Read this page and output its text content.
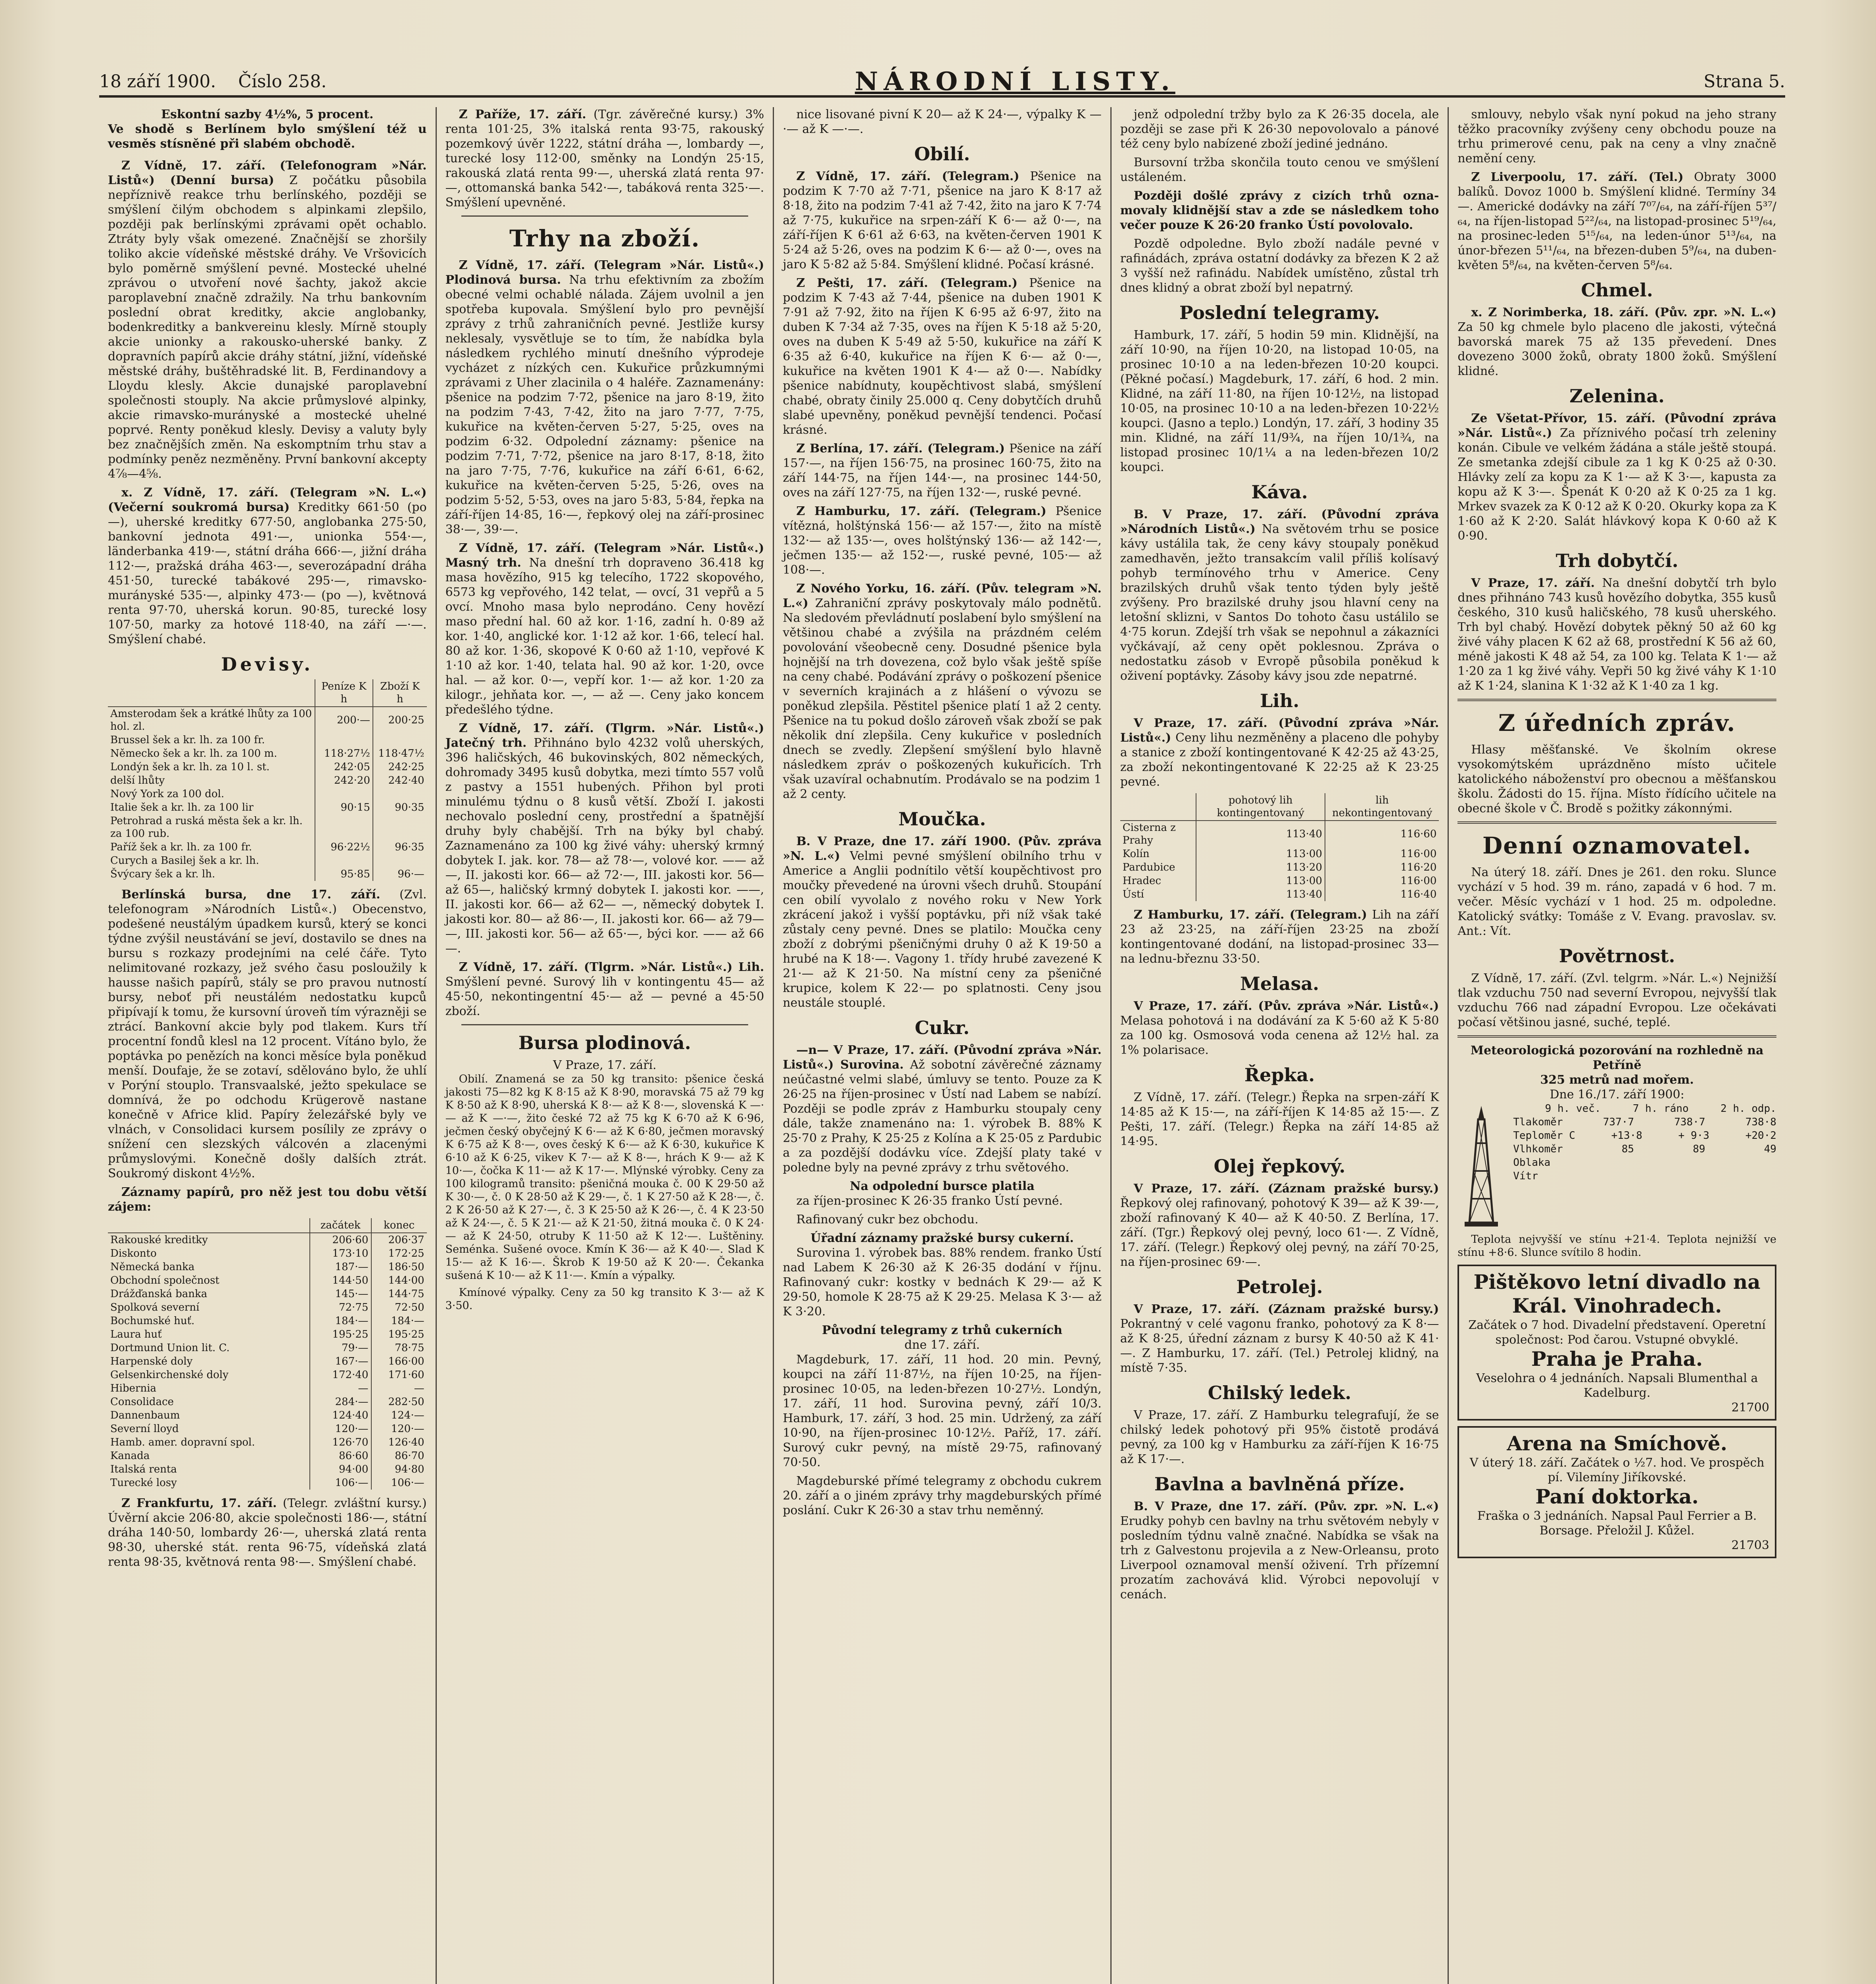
18 září 1900. Číslo 258.	NÁRODNÍ LISTY.	Strana 5.
Eskontní sazby 4½%, 5 procent.
Ve shodě s Berlínem bylo smýšlení též u vesměs stísněné při slabém obchodě.
Z Vídně, 17. září. (Telefonogram »Nár. Listů«) (Denní bursa) Z počátku působila nepříznivě reakce trhu berlínského, později se smýšlení čilým obchodem s alpinkami zlepšilo, později pak berlínskými zprávami opět ochablo. Ztráty byly však omezené. Značnější se zhoršily toliko akcie vídeňské městské dráhy. Ve Vršovicích bylo poměrně smýšlení pevné. Mostecké uhelné zprávou o utvoření nové šachty, jakož akcie paroplavební značně zdražily. Na trhu bankovním poslední obrat kreditky, akcie anglobanky, bodenkreditky a bankvereinu klesly. Mírně stouply akcie unionky a rakousko-uherské banky. Z dopravních papírů akcie dráhy státní, jižní, vídeňské městské dráhy, buštěhradské lit. B, Ferdinandovy a Lloydu klesly. Akcie dunajské paroplavební společnosti stouply. Na akcie průmyslové alpinky, akcie rimavsko-murányské a mostecké uhelné poprvé. Renty poněkud klesly. Devisy a valuty byly bez značnějších změn. Na eskomptním trhu stav a podmínky peněz nezměněny. První bankovní akcepty 4⅞—4⅝.
x. Z Vídně, 17. září. (Telegram »N. L.«) (Večerní soukromá bursa) Kreditky 661·50 (po —), uherské kreditky 677·50, anglobanka 275·50, bankovní jednota 491·—, unionka 554·—, länderbanka 419·—, státní dráha 666·—, jižní dráha 112·—, pražská dráha 463·—, severozápadní dráha 451·50, turecké tabákové 295·—, rimavsko-murányské 535·—, alpinky 473·— (po —), květnová renta 97·70, uherská korun. 90·85, turecké losy 107·50, marky za hotové 118·40, na září —·—. Smýšlení chabé.
Devisy.
	Peníze K h	Zboží K h
Amsterodam šek a krátké lhůty za 100 hol. zl.	200·—	200·25
Brussel šek a kr. lh. za 100 fr.		
Německo šek a kr. lh. za 100 m.	118·27½	118·47½
Londýn šek a kr. lh. za 10 l. st.	242·05	242·25
delší lhůty	242·20	242·40
Nový York za 100 dol.		
Italie šek a kr. lh. za 100 lir	90·15	90·35
Petrohrad a ruská města šek a kr. lh. za 100 rub.		
Paříž šek a kr. lh. za 100 fr.	96·22½	96·35
Curych a Basilej šek a kr. lh.		
Švýcary šek a kr. lh.	95·85	96·—
Berlínská bursa, dne 17. září. (Zvl. telefonogram »Národních Listů«.) Obecenstvo, podešené neustálým úpadkem kursů, který se konci týdne zvýšil neustávání se jeví, dostavilo se dnes na bursu s rozkazy prodejními na celé čáře. Tyto nelimitované rozkazy, jež svého času posloužily k hausse našich papírů, stály se pro pravou nutností bursy, neboť při neustálém nedostatku kupců připívají k tomu, že kursovní úroveň tím výrazněji se ztrácí. Bankovní akcie byly pod tlakem. Kurs tří procentní fondů klesl na 12 procent. Vítáno bylo, že poptávka po penězích na konci měsíce byla poněkud menší. Doufaje, že se zotaví, sdělováno bylo, že uhlí v Porýní stouplo. Transvaalské, ježto spekulace se domnívá, že po odchodu Krügerově nastane konečně v Africe klid. Papíry železářské byly ve vlnách, v Consolidaci kursem posílily ze zprávy o snížení cen slezských válcovén a zlacenými průmyslovými. Konečně došly dalších ztrát. Soukromý diskont 4½%.
Záznamy papírů, pro něž jest tou dobu větší zájem:
	začátek	konec
Rakouské kreditky	206·60	206·37
Diskonto	173·10	172·25
Německá banka	187·—	186·50
Obchodní společnost	144·50	144·00
Drážďanská banka	145·—	144·75
Spolková severní	72·75	72·50
Bochumské huť.	184·—	184·—
Laura huť	195·25	195·25
Dortmund Union lit. C.	79·—	78·75
Harpenské doly	167·—	166·00
Gelsenkirchenské doly	172·40	171·60
Hibernia	—	—
Consolidace	284·—	282·50
Dannenbaum	124·40	124·—
Severní lloyd	120·—	120·—
Hamb. amer. dopravní spol.	126·70	126·40
Kanada	86·60	86·70
Italská renta	94·00	94·80
Turecké losy	106·—	106·—
Z Frankfurtu, 17. září. (Telegr. zvláštní kursy.) Úvěrní akcie 206·80, akcie společnosti 186·—, státní dráha 140·50, lombardy 26·—, uherská zlatá renta 98·30, uherské stát. renta 96·75, vídeňská zlatá renta 98·35, květnová renta 98·—. Smýšlení chabé.
Z Paříže, 17. září. (Tgr. závěrečné kursy.) 3% renta 101·25, 3% italská renta 93·75, rakouský pozemkový úvěr 1222, státní dráha —, lombardy —, turecké losy 112·00, směnky na Londýn 25·15, rakouská zlatá renta 99·—, uherská zlatá renta 97·—, ottomanská banka 542·—, tabáková renta 325·—. Smýšlení upevněné.
Trhy na zboží.
Z Vídně, 17. září. (Telegram »Nár. Listů«.) Plodinová bursa. Na trhu efektivním za zbožím obecné velmi ochablé nálada. Zájem uvolnil a jen spotřeba kupovala. Smýšlení bylo pro pevnější zprávy z trhů zahraničních pevné. Jestliže kursy neklesaly, vysvětluje se to tím, že nabídka byla následkem rychlého minutí dnešního výprodeje vycházet z nízkých cen. Kukuřice průzkumnými zprávami z Uher zlacinila o 4 haléře. Zaznamenány: pšenice na podzim 7·72, pšenice na jaro 8·19, žito na podzim 7·43, 7·42, žito na jaro 7·77, 7·75, kukuřice na květen-červen 5·27, 5·25, oves na podzim 6·32. Odpolední záznamy: pšenice na podzim 7·71, 7·72, pšenice na jaro 8·17, 8·18, žito na jaro 7·75, 7·76, kukuřice na září 6·61, 6·62, kukuřice na květen-červen 5·25, 5·26, oves na podzim 5·52, 5·53, oves na jaro 5·83, 5·84, řepka na září-říjen 14·85, 16·—, řepkový olej na září-prosinec 38·—, 39·—.
Z Vídně, 17. září. (Telegram »Nár. Listů«.) Masný trh. Na dnešní trh dopraveno 36.418 kg masa hovězího, 915 kg telecího, 1722 skopového, 6573 kg vepřového, 142 telat, — ovcí, 31 vepřů a 5 ovcí. Mnoho masa bylo neprodáno. Ceny hovězí maso přední hal. 60 až kor. 1·16, zadní h. 0·89 až kor. 1·40, anglické kor. 1·12 až kor. 1·66, telecí hal. 80 až kor. 1·36, skopové K 0·60 až 1·10, vepřové K 1·10 až kor. 1·40, telata hal. 90 až kor. 1·20, ovce hal. — až kor. 0·—, vepří kor. 1·— až kor. 1·20 za kilogr., jehňata kor. —, — až —. Ceny jako koncem předešlého týdne.
Z Vídně, 17. září. (Tlgrm. »Nár. Listů«.) Jatečný trh. Přihnáno bylo 4232 volů uherských, 396 haličských, 46 bukovinských, 802 německých, dohromady 3495 kusů dobytka, mezi tímto 557 volů z pastvy a 1551 hubených. Přihon byl proti minulému týdnu o 8 kusů větší. Zboží I. jakosti nechovalo poslední ceny, prostřední a špatnější druhy byly chabější. Trh na býky byl chabý. Zaznamenáno za 100 kg živé váhy: uherský krmný dobytek I. jak. kor. 78— až 78·—, volové kor. —— až —, II. jakosti kor. 66— až 72·—, III. jakosti kor. 56— až 65—, haličský krmný dobytek I. jakosti kor. ——, II. jakosti kor. 66— až 62— —, německý dobytek I. jakosti kor. 80— až 86·—, II. jakosti kor. 66— až 79— —, III. jakosti kor. 56— až 65·—, býci kor. —— až 66—.
Z Vídně, 17. září. (Tlgrm. »Nár. Listů«.) Lih. Smýšlení pevné. Surový lih v kontingentu 45— až 45·50, nekontingentní 45·— až — pevné a 45·50 zboží.
Bursa plodinová.
V Praze, 17. září.
Obilí. Znamená se za 50 kg transito: pšenice česká jakosti 75—82 kg K 8·15 až K 8·90, moravská 75 až 79 kg K 8·50 až K 8·90, uherská K 8·— až K 8·—, slovenská K —·— až K —·—, žito české 72 až 75 kg K 6·70 až K 6·96, ječmen český obyčejný K 6·— až K 6·80, ječmen moravský K 6·75 až K 8·—, oves český K 6·— až K 6·30, kukuřice K 6·10 až K 6·25, vikev K 7·— až K 8·—, hrách K 9·— až K 10·—, čočka K 11·— až K 17·—. Mlýnské výrobky. Ceny za 100 kilogramů transito: pšeničná mouka č. 00 K 29·50 až K 30·—, č. 0 K 28·50 až K 29·—, č. 1 K 27·50 až K 28·—, č. 2 K 26·50 až K 27·—, č. 3 K 25·50 až K 26·—, č. 4 K 23·50 až K 24·—, č. 5 K 21·— až K 21·50, žitná mouka č. 0 K 24·— až K 24·50, otruby K 11·50 až K 12·—. Luštěniny. Seménka. Sušené ovoce. Kmín K 36·— až K 40·—. Slad K 15·— až K 16·—. Škrob K 19·50 až K 20·—. Čekanka sušená K 10·— až K 11·—. Kmín a výpalky.
Kmínové výpalky. Ceny za 50 kg transito K 3·— až K 3·50.
nice lisované pivní K 20— až K 24·—, výpalky K —·— až K —·—.
Obilí.
Z Vídně, 17. září. (Telegram.) Pšenice na podzim K 7·70 až 7·71, pšenice na jaro K 8·17 až 8·18, žito na podzim 7·41 až 7·42, žito na jaro K 7·74 až 7·75, kukuřice na srpen-září K 6·— až 0·—, na září-říjen K 6·61 až 6·63, na květen-červen 1901 K 5·24 až 5·26, oves na podzim K 6·— až 0·—, oves na jaro K 5·82 až 5·84. Smýšlení klidné. Počasí krásné.
Z Pešti, 17. září. (Telegram.) Pšenice na podzim K 7·43 až 7·44, pšenice na duben 1901 K 7·91 až 7·92, žito na říjen K 6·95 až 6·97, žito na duben K 7·34 až 7·35, oves na říjen K 5·18 až 5·20, oves na duben K 5·49 až 5·50, kukuřice na září K 6·35 až 6·40, kukuřice na říjen K 6·— až 0·—, kukuřice na květen 1901 K 4·— až 0·—. Nabídky pšenice nabídnuty, koupěchtivost slabá, smýšlení chabé, obraty činily 25.000 q. Ceny dobytčích druhů slabé upevněny, poněkud pevnější tendenci. Počasí krásné.
Z Berlína, 17. září. (Telegram.) Pšenice na září 157·—, na říjen 156·75, na prosinec 160·75, žito na září 144·75, na říjen 144·—, na prosinec 144·50, oves na září 127·75, na říjen 132·—, ruské pevné.
Z Hamburku, 17. září. (Telegram.) Pšenice vítězná, holštýnská 156·— až 157·—, žito na místě 132·— až 135·—, oves holštýnský 136·— až 142·—, ječmen 135·— až 152·—, ruské pevné, 105·— až 108·—.
Z Nového Yorku, 16. září. (Pův. telegram »N. L.«) Zahraniční zprávy poskytovaly málo podnětů. Na sledovém převládnutí poslabení bylo smýšlení na většinou chabé a zvýšila na prázdném celém povolování všeobecně ceny. Dosudné pšenice byla hojnější na trh dovezena, což bylo však ještě spíše na ceny chabé. Podávání zprávy o poškození pšenice v severních krajinách a z hlášení o vývozu se poněkud zlepšila. Pěstitel pšenice platí 1 až 2 centy. Pšenice na tu pokud došlo zároveň však zboží se pak několik dní zlepšila. Ceny kukuřice v posledních dnech se zvedly. Zlepšení smýšlení bylo hlavně následkem zpráv o poškozených kukuřicích. Trh však uzavíral ochabnutím. Prodávalo se na podzim 1 až 2 centy.
Moučka.
B. V Praze, dne 17. září 1900. (Pův. zpráva »N. L.«) Velmi pevné smýšlení obilního trhu v Americe a Anglii podnítilo větší koupěchtivost pro moučky převedené na úrovni všech druhů. Stoupání cen obilí vyvolalo z nového roku v New York zkrácení jakož i vyšší poptávku, při níž však také zůstaly ceny pevné. Dnes se platilo: Moučka ceny zboží z dobrými pšeničnými druhy 0 až K 19·50 a hrubé na K 18·—. Vagony 1. třídy hrubé zavezené K 21·— až K 21·50. Na místní ceny za pšeničné krupice, kolem K 22·— po splatnosti. Ceny jsou neustále stouplé.
Cukr.
—n— V Praze, 17. září. (Původní zpráva »Nár. Listů«.) Surovina. Až sobotní závěrečné záznamy neúčastné velmi slabé, úmluvy se tento. Pouze za K 26·25 na říjen-prosinec v Ústí nad Labem se nabízí. Později se podle zpráv z Hamburku stoupaly ceny dále, takže znamenáno na: 1. výrobek B. 88% K 25·70 z Prahy, K 25·25 z Kolína a K 25·05 z Pardubic a za pozdější dodávku více. Zdejší platy také v poledne byly na pevné zprávy z trhu světového.
Na odpolední bursce platila
za říjen-prosinec K 26·35 franko Ústí pevné.
Rafinovaný cukr bez obchodu.
Úřadní záznamy pražské bursy cukerní.
Surovina 1. výrobek bas. 88% rendem. franko Ústí nad Labem K 26·30 až K 26·35 dodání v říjnu. Rafinovaný cukr: kostky v bednách K 29·— až K 29·50, homole K 28·75 až K 29·25. Melasa K 3·— až K 3·20.
Původní telegramy z trhů cukerních
dne 17. září.
Magdeburk, 17. září, 11 hod. 20 min. Pevný, koupci na září 11·87½, na říjen 10·25, na říjen-prosinec 10·05, na leden-březen 10·27½. Londýn, 17. září, 11 hod. Surovina pevný, září 10/3. Hamburk, 17. září, 3 hod. 25 min. Udržený, za září 10·90, na říjen-prosinec 10·12½. Paříž, 17. září. Surový cukr pevný, na místě 29·75, rafinovaný 70·50.
Magdeburské přímé telegramy z obchodu cukrem 20. září a o jiném zprávy trhy magdeburských přímé poslání. Cukr K 26·30 a stav trhu neměnný.
jenž odpolední tržby bylo za K 26·35 docela, ale později se zase při K 26·30 nepovolovalo a pánové též ceny bylo nabízené zboží jediné jednáno.
Bursovní tržba skončila touto cenou ve smýšlení ustáleném.
Později došlé zprávy z cizích trhů ozna-movaly klidnější stav a zde se následkem toho večer pouze K 26·20 franko Ústí povolovalo.
Pozdě odpoledne. Bylo zboží nadále pevné v rafinádách, zpráva ostatní dodávky za březen K 2 až 3 vyšší než rafinádu. Nabídek umístěno, zůstal trh dnes klidný a obrat zboží byl nepatrný.
Poslední telegramy.
Hamburk, 17. září, 5 hodin 59 min. Klidnější, na září 10·90, na říjen 10·20, na listopad 10·05, na prosinec 10·10 a na leden-březen 10·20 koupci. (Pěkné počasí.) Magdeburk, 17. září, 6 hod. 2 min. Klidné, na září 11·80, na říjen 10·12½, na listopad 10·05, na prosinec 10·10 a na leden-březen 10·22½ koupci. (Jasno a teplo.) Londýn, 17. září, 3 hodiny 35 min. Klidné, na září 11/9¾, na říjen 10/1¾, na listopad prosinec 10/1¼ a na leden-březen 10/2 koupci.
Káva.
B. V Praze, 17. září. (Původní zpráva »Národních Listů«.) Na světovém trhu se posice kávy ustálila tak, že ceny kávy stoupaly poněkud zamedhavěn, ježto transakcím valil příliš kolísavý pohyb termínového trhu v Americe. Ceny brazilských druhů však tento týden byly ještě zvýšeny. Pro brazilské druhy jsou hlavní ceny na letošní sklizni, v Santos Do tohoto času ustálilo se 4·75 korun. Zdejší trh však se nepohnul a zákazníci vyčkávají, až ceny opět poklesnou. Zpráva o nedostatku zásob v Evropě působila poněkud k oživení poptávky. Zásoby kávy jsou zde nepatrné.
Lih.
V Praze, 17. září. (Původní zpráva »Nár. Listů«.) Ceny lihu nezměněny a placeno dle pohyby a stanice z zboží kontingentované K 42·25 až 43·25, za zboží nekontingentované K 22·25 až K 23·25 pevné.
	pohotový lih kontingentovaný	lih nekontingentovaný
Cisterna z Prahy	113·40	116·60
Kolín	113·00	116·00
Pardubice	113·20	116·20
Hradec	113·00	116·00
Ústí	113·40	116·40
Z Hamburku, 17. září. (Telegram.) Lih na září 23 až 23·25, na září-říjen 23·25 na zboží kontingentované dodání, na listopad-prosinec 33— na lednu-březnu 33·50.
Melasa.
V Praze, 17. září. (Pův. zpráva »Nár. Listů«.) Melasa pohotová i na dodávání za K 5·60 až K 5·80 za 100 kg. Osmosová voda cenena až 12½ hal. za 1% polarisace.
Řepka.
Z Vídně, 17. září. (Telegr.) Řepka na srpen-září K 14·85 až K 15·—, na září-říjen K 14·85 až 15·—. Z Pešti, 17. září. (Telegr.) Řepka na září 14·85 až 14·95.
Olej řepkový.
V Praze, 17. září. (Záznam pražské bursy.) Řepkový olej rafinovaný, pohotový K 39— až K 39·—, zboží rafinovaný K 40— až K 40·50. Z Berlína, 17. září. (Tgr.) Řepkový olej pevný, loco 61·—. Z Vídně, 17. září. (Telegr.) Řepkový olej pevný, na září 70·25, na říjen-prosinec 69·—.
Petrolej.
V Praze, 17. září. (Záznam pražské bursy.) Pokrantný v celé vagonu franko, pohotový za K 8·— až K 8·25, úřední záznam z bursy K 40·50 až K 41·—. Z Hamburku, 17. září. (Tel.) Petrolej klidný, na místě 7·35.
Chilský ledek.
V Praze, 17. září. Z Hamburku telegrafují, že se chilský ledek pohotový při 95% čistotě prodává pevný, za 100 kg v Hamburku za září-říjen K 16·75 až K 17·—.
Bavlna a bavlněná příze.
B. V Praze, dne 17. září. (Pův. zpr. »N. L.«) Erudky pohyb cen bavlny na trhu světovém nebyly v posledním týdnu valně značné. Nabídka se však na trh z Galvestonu projevila a z New-Orleansu, proto Liverpool oznamoval menší oživení. Trh přízemní prozatím zachovává klid. Výrobci nepovolují v cenách.
smlouvy, nebylo však nyní pokud na jeho strany těžko pracovníky zvýšeny ceny obchodu pouze na trhu primerové cenu, pak na ceny a vlny značně nemění ceny.
Z Liverpoolu, 17. září. (Tel.) Obraty 3000 balíků. Dovoz 1000 b. Smýšlení klidné. Termíny 34—. Americké dodávky na září 7⁰⁷/₆₄, na září-říjen 5³⁷/₆₄, na říjen-listopad 5²²/₆₄, na listopad-prosinec 5¹⁹/₆₄, na prosinec-leden 5¹⁵/₆₄, na leden-únor 5¹³/₆₄, na únor-březen 5¹¹/₆₄, na březen-duben 5⁹/₆₄, na duben-květen 5⁸/₆₄, na květen-červen 5⁸/₆₄.
Chmel.
x. Z Norimberka, 18. září. (Pův. zpr. »N. L.«) Za 50 kg chmele bylo placeno dle jakosti, výtečná bavorská marek 75 až 135 převedení. Dnes dovezeno 3000 žoků, obraty 1800 žoků. Smýšlení klidné.
Zelenina.
Ze Všetat-Přívor, 15. září. (Původní zpráva »Nár. Listů«.) Za příznivého počasí trh zeleniny konán. Cibule ve velkém žádána a stále ještě stoupá. Ze smetanka zdejší cibule za 1 kg K 0·25 až 0·30. Hlávky zelí za kopu za K 1·— až K 3·—, kapusta za kopu až K 3·—. Špenát K 0·20 až K 0·25 za 1 kg. Mrkev svazek za K 0·12 až K 0·20. Okurky kopa za K 1·60 až K 2·20. Salát hlávkový kopa K 0·60 až K 0·90.
Trh dobytčí.
V Praze, 17. září. Na dnešní dobytčí trh bylo dnes přihnáno 743 kusů hovězího dobytka, 355 kusů českého, 310 kusů haličského, 78 kusů uherského. Trh byl chabý. Hovězí dobytek pěkný 50 až 60 kg živé váhy placen K 62 až 68, prostřední K 56 až 60, méně jakosti K 48 až 54, za 100 kg. Telata K 1·— až 1·20 za 1 kg živé váhy. Vepři 50 kg živé váhy K 1·10 až K 1·24, slanina K 1·32 až K 1·40 za 1 kg.
Z úředních zpráv.
Hlasy měšťanské. Ve školním okrese vysokomýtském uprázdněno místo učitele katolického náboženství pro obecnou a měšťanskou školu. Žádosti do 15. října. Místo řídícího učitele na obecné škole v Č. Brodě s požitky zákonnými.
Denní oznamovatel.
Na úterý 18. září. Dnes je 261. den roku. Slunce vychází v 5 hod. 39 m. ráno, zapadá v 6 hod. 7 m. večer. Měsíc vychází v 1 hod. 25 m. odpoledne. Katolický svátky: Tomáše z V. Evang. pravoslav. sv. Ant.: Vít.
Povětrnost.
Z Vídně, 17. září. (Zvl. telgrm. »Nár. L.«) Nejnižší tlak vzduchu 750 nad severní Evropou, nejvyšší tlak vzduchu 766 nad západní Evropou. Lze očekávati počasí většinou jasné, suché, teplé.
Meteorologická pozorování na rozhledně na Petříně
325 metrů nad mořem.
Dne 16./17. září 1900:
9 h. več.	7 h. ráno	2 h. odp.
Tlakoměr	737·7	738·7	738·8
Teploměr C	+13·8	+ 9·3	+20·2
Vlhkoměr	85	89	49
Oblaka
Vítr
Teplota nejvyšší ve stínu +21·4. Teplota nejnižší ve stínu +8·6. Slunce svítilo 8 hodin.
Pištěkovo letní divadlo na Král. Vinohradech.
Začátek o 7 hod. Divadelní představení. Operetní společnost: Pod čarou. Vstupné obvyklé.
Praha je Praha.
Veselohra o 4 jednáních. Napsali Blumenthal a Kadelburg.
21700
Arena na Smíchově.
V úterý 18. září. Začátek o ½7. hod. Ve prospěch pí. Vilemíny Jiříkovské.
Paní doktorka.
Fraška o 3 jednáních. Napsal Paul Ferrier a B. Borsage. Přeložil J. Kůžel.
21703
